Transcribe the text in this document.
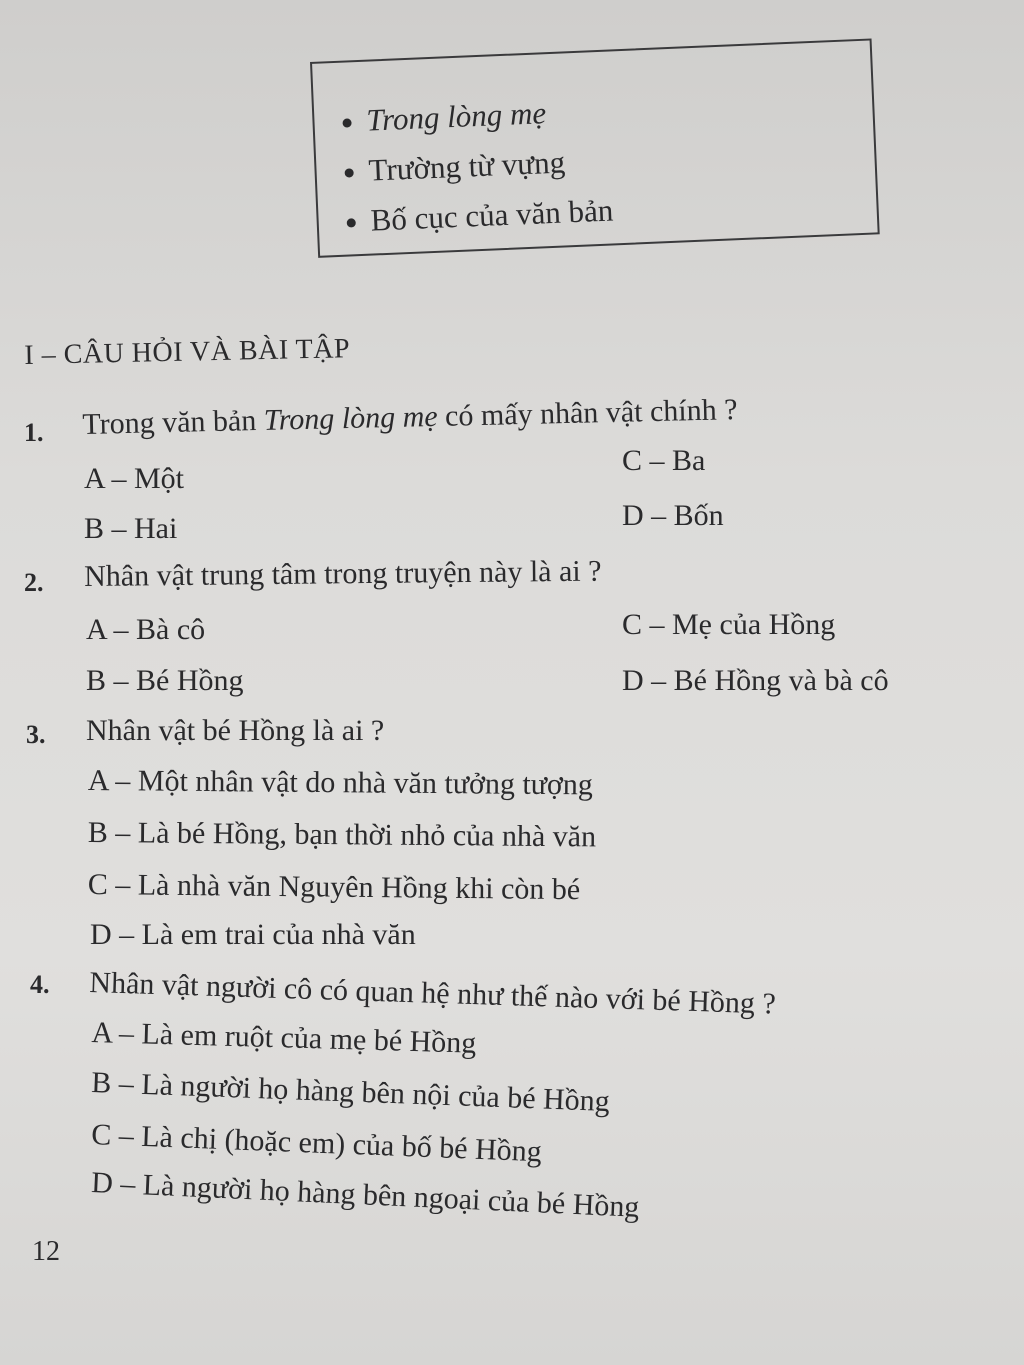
Trong lòng mẹ
Trường từ vựng
Bố cục của văn bản
I – CÂU HỎI VÀ BÀI TẬP
1. Trong văn bản Trong lòng mẹ có mấy nhân vật chính ?
A – Một
B – Hai
C – Ba
D – Bốn
2. Nhân vật trung tâm trong truyện này là ai ?
A – Bà cô
B – Bé Hồng
C – Mẹ của Hồng
D – Bé Hồng và bà cô
3. Nhân vật bé Hồng là ai ?
A – Một nhân vật do nhà văn tưởng tượng
B – Là bé Hồng, bạn thời nhỏ của nhà văn
C – Là nhà văn Nguyên Hồng khi còn bé
D – Là em trai của nhà văn
4. Nhân vật người cô có quan hệ như thế nào với bé Hồng ?
A – Là em ruột của mẹ bé Hồng
B – Là người họ hàng bên nội của bé Hồng
C – Là chị (hoặc em) của bố bé Hồng
D – Là người họ hàng bên ngoại của bé Hồng
12
